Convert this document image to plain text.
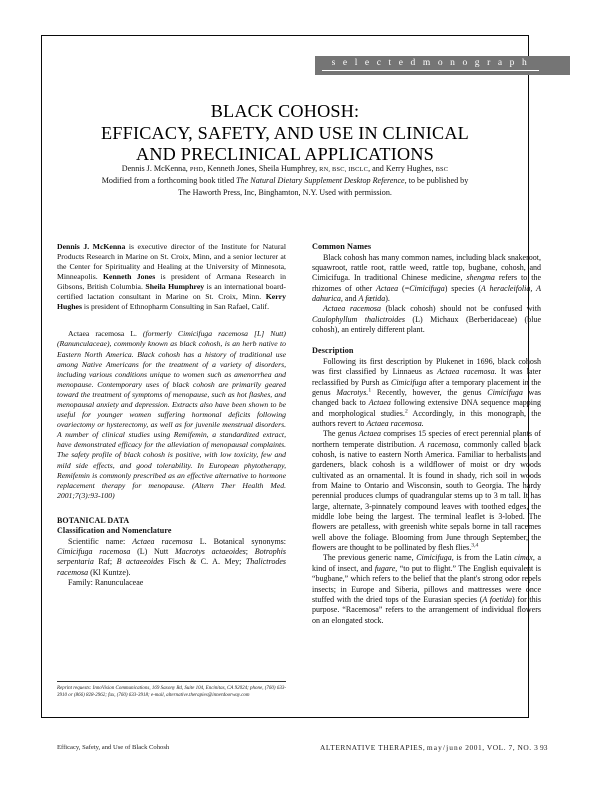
s e l e c t e d m o n o g r a p h
BLACK COHOSH:
EFFICACY, SAFETY, AND USE IN CLINICAL
AND PRECLINICAL APPLICATIONS
Dennis J. McKenna, PHD, Kenneth Jones, Sheila Humphrey, RN, BSC, IBCLC, and Kerry Hughes, BSC
Modified from a forthcoming book titled The Natural Dietary Supplement Desktop Reference, to be published by
The Haworth Press, Inc, Binghamton, N.Y. Used with permission.
Dennis J. McKenna is executive director of the Institute for Natural Products Research in Marine on St. Croix, Minn, and a senior lecturer at the Center for Spirituality and Healing at the University of Minnesota, Minneapolis. Kenneth Jones is president of Armana Research in Gibsons, British Columbia. Sheila Humphrey is an international board-certified lactation consultant in Marine on St. Croix, Minn. Kerry Hughes is president of Ethnopharm Consulting in San Rafael, Calif.
Actaea racemosa L. (formerly Cimicifuga racemosa [L] Nutt) (Ranunculaceae), commonly known as black cohosh, is an herb native to Eastern North America. Black cohosh has a history of traditional use among Native Americans for the treatment of a variety of disorders, including various conditions unique to women such as amenorrhea and menopause. Contemporary uses of black cohosh are primarily geared toward the treatment of symptoms of menopause, such as hot flashes, and menopausal anxiety and depression. Extracts also have been shown to be useful for younger women suffering hormonal deficits following ovariectomy or hysterectomy, as well as for juvenile menstrual disorders. A number of clinical studies using Remifemin, a standardized extract, have demonstrated efficacy for the alleviation of menopausal complaints. The safety profile of black cohosh is positive, with low toxicity, few and mild side effects, and good tolerability. In European phytotherapy, Remifemin is commonly prescribed as an effective alternative to hormone replacement therapy for menopause. (Altern Ther Health Med. 2001;7(3):93-100)
BOTANICAL DATA
Classification and Nomenclature
Scientific name: Actaea racemosa L. Botanical synonyms: Cimicifuga racemosa (L) Nutt Macrotys actaeoides; Botrophis serpentaria Raf; B actaeeoides Fisch & C. A. Mey; Thalictrodes racemosa (Kl Kuntze).
Family: Ranunculaceae
Common Names
Black cohosh has many common names, including black snakeroot, squawroot, rattle root, rattle weed, rattle top, bugbane, cohosh, and Cimicifuga. In traditional Chinese medicine, shengma refers to the rhizomes of other Actaea (=Cimicifuga) species (A heracleifolia, A dahurica, and A fœtida).
Actaea racemosa (black cohosh) should not be confused with Caulophyllum thalictroides (L) Michaux (Berberidaceae) (blue cohosh), an entirely different plant.
Description
Following its first description by Plukenet in 1696, black cohosh was first classified by Linnaeus as Actaea racemosa. It was later reclassified by Pursh as Cimicifuga after a temporary placement in the genus Macrotys.$^1$ Recently, however, the genus Cimicifuga was changed back to Actaea following extensive DNA sequence mapping and morphological studies.$^2$ Accordingly, in this monograph, the authors revert to Actaea racemosa.
The genus Actaea comprises 15 species of erect perennial plants of northern temperate distribution. A racemosa, commonly called black cohosh, is native to eastern North America. Familiar to herbalists and gardeners, black cohosh is a wildflower of moist or dry woods cultivated as an ornamental. It is found in shady, rich soil in woods from Maine to Ontario and Wisconsin, south to Georgia. The hardy perennial produces clumps of quadrangular stems up to 3 m tall. It has large, alternate, 3-pinnately compound leaves with toothed edges, the middle lobe being the largest. The terminal leaflet is 3-lobed. The flowers are petalless, with greenish white sepals borne in tall racemes well above the foliage. Blooming from June through September, the flowers are thought to be pollinated by flesh flies.$^{3,4}$
The previous generic name, Cimicifuga, is from the Latin cimex, a kind of insect, and fugare, “to put to flight.” The English equivalent is “bugbane,” which refers to the belief that the plant's strong odor repels insects; in Europe and Siberia, pillows and mattresses were once stuffed with the dried tops of the Eurasian species (A foetida) for this purpose. “Racemosa” refers to the arrangement of individual flowers on an elongated stock.
Reprint requests: InnoVision Communications, 169 Saxony Rd, Suite 104, Encinitas, CA 92024; phone, (760) 633-3910 or (866) 828-2962; fax, (760) 633-3918; e-mail, alternative.therapies@innerdoorway.com
Efficacy, Safety, and Use of Black Cohosh	ALTERNATIVE THERAPIES, may/june 2001, VOL. 7, NO. 3 93
